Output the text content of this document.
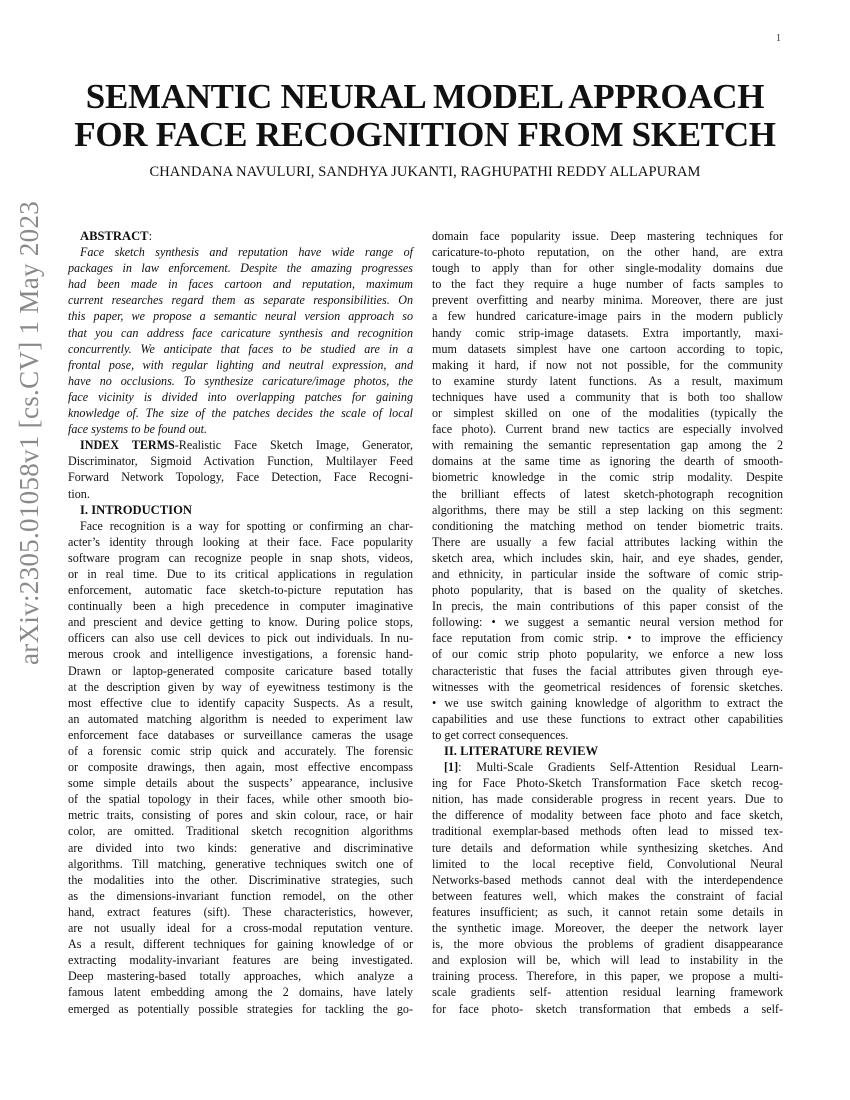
1
arXiv:2305.01058v1 [cs.CV] 1 May 2023
SEMANTIC NEURAL MODEL APPROACH
FOR FACE RECOGNITION FROM SKETCH
CHANDANA NAVULURI, SANDHYA JUKANTI, RAGHUPATHI REDDY ALLAPURAM
ABSTRACT:
Face sketch synthesis and reputation have wide range of
packages in law enforcement. Despite the amazing progresses
had been made in faces cartoon and reputation, maximum
current researches regard them as separate responsibilities. On
this paper, we propose a semantic neural version approach so
that you can address face caricature synthesis and recognition
concurrently. We anticipate that faces to be studied are in a
frontal pose, with regular lighting and neutral expression, and
have no occlusions. To synthesize caricature/image photos, the
face vicinity is divided into overlapping patches for gaining
knowledge of. The size of the patches decides the scale of local
face systems to be found out.
INDEX TERMS-Realistic Face Sketch Image, Generator,
Discriminator, Sigmoid Activation Function, Multilayer Feed
Forward Network Topology, Face Detection, Face Recogni-
tion.
I. INTRODUCTION
Face recognition is a way for spotting or confirming an char-
acter’s identity through looking at their face. Face popularity
software program can recognize people in snap shots, videos,
or in real time. Due to its critical applications in regulation
enforcement, automatic face sketch-to-picture reputation has
continually been a high precedence in computer imaginative
and prescient and device getting to know. During police stops,
officers can also use cell devices to pick out individuals. In nu-
merous crook and intelligence investigations, a forensic hand-
Drawn or laptop-generated composite caricature based totally
at the description given by way of eyewitness testimony is the
most effective clue to identify capacity Suspects. As a result,
an automated matching algorithm is needed to experiment law
enforcement face databases or surveillance cameras the usage
of a forensic comic strip quick and accurately. The forensic
or composite drawings, then again, most effective encompass
some simple details about the suspects’ appearance, inclusive
of the spatial topology in their faces, while other smooth bio-
metric traits, consisting of pores and skin colour, race, or hair
color, are omitted. Traditional sketch recognition algorithms
are divided into two kinds: generative and discriminative
algorithms. Till matching, generative techniques switch one of
the modalities into the other. Discriminative strategies, such
as the dimensions-invariant function remodel, on the other
hand, extract features (sift). These characteristics, however,
are not usually ideal for a cross-modal reputation venture.
As a result, different techniques for gaining knowledge of or
extracting modality-invariant features are being investigated.
Deep mastering-based totally approaches, which analyze a
famous latent embedding among the 2 domains, have lately
emerged as potentially possible strategies for tackling the go-
domain face popularity issue. Deep mastering techniques for
caricature-to-photo reputation, on the other hand, are extra
tough to apply than for other single-modality domains due
to the fact they require a huge number of facts samples to
prevent overfitting and nearby minima. Moreover, there are just
a few hundred caricature-image pairs in the modern publicly
handy comic strip-image datasets. Extra importantly, maxi-
mum datasets simplest have one cartoon according to topic,
making it hard, if now not not possible, for the community
to examine sturdy latent functions. As a result, maximum
techniques have used a community that is both too shallow
or simplest skilled on one of the modalities (typically the
face photo). Current brand new tactics are especially involved
with remaining the semantic representation gap among the 2
domains at the same time as ignoring the dearth of smooth-
biometric knowledge in the comic strip modality. Despite
the brilliant effects of latest sketch-photograph recognition
algorithms, there may be still a step lacking on this segment:
conditioning the matching method on tender biometric traits.
There are usually a few facial attributes lacking within the
sketch area, which includes skin, hair, and eye shades, gender,
and ethnicity, in particular inside the software of comic strip-
photo popularity, that is based on the quality of sketches.
In precis, the main contributions of this paper consist of the
following: • we suggest a semantic neural version method for
face reputation from comic strip. • to improve the efficiency
of our comic strip photo popularity, we enforce a new loss
characteristic that fuses the facial attributes given through eye-
witnesses with the geometrical residences of forensic sketches.
• we use switch gaining knowledge of algorithm to extract the
capabilities and use these functions to extract other capabilities
to get correct consequences.
II. LITERATURE REVIEW
[1]: Multi-Scale Gradients Self-Attention Residual Learn-
ing for Face Photo-Sketch Transformation Face sketch recog-
nition, has made considerable progress in recent years. Due to
the difference of modality between face photo and face sketch,
traditional exemplar-based methods often lead to missed tex-
ture details and deformation while synthesizing sketches. And
limited to the local receptive field, Convolutional Neural
Networks-based methods cannot deal with the interdependence
between features well, which makes the constraint of facial
features insufficient; as such, it cannot retain some details in
the synthetic image. Moreover, the deeper the network layer
is, the more obvious the problems of gradient disappearance
and explosion will be, which will lead to instability in the
training process. Therefore, in this paper, we propose a multi-
scale gradients self- attention residual learning framework
for face photo- sketch transformation that embeds a self-
